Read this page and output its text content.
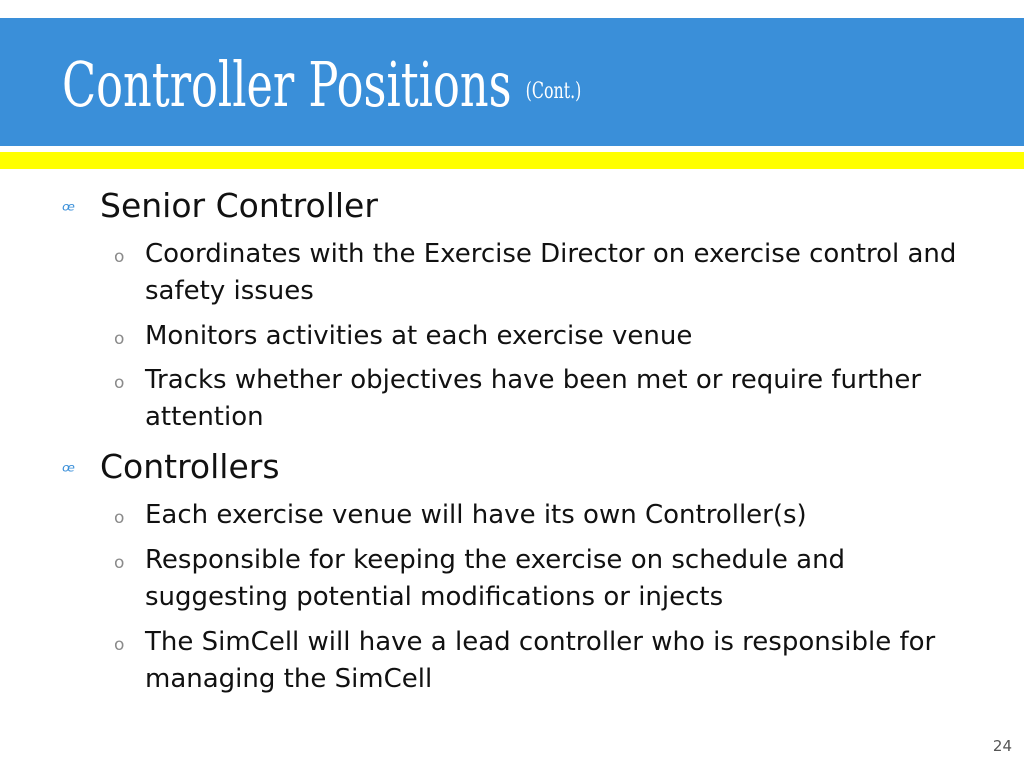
Controller Positions (Cont.)
ꟹ Senior Controller
o Coordinates with the Exercise Director on exercise control and safety issues
o Monitors activities at each exercise venue
o Tracks whether objectives have been met or require further attention
ꟹ Controllers
o Each exercise venue will have its own Controller(s)
o Responsible for keeping the exercise on schedule and suggesting potential modifications or injects
o The SimCell will have a lead controller who is responsible for managing the SimCell
24
